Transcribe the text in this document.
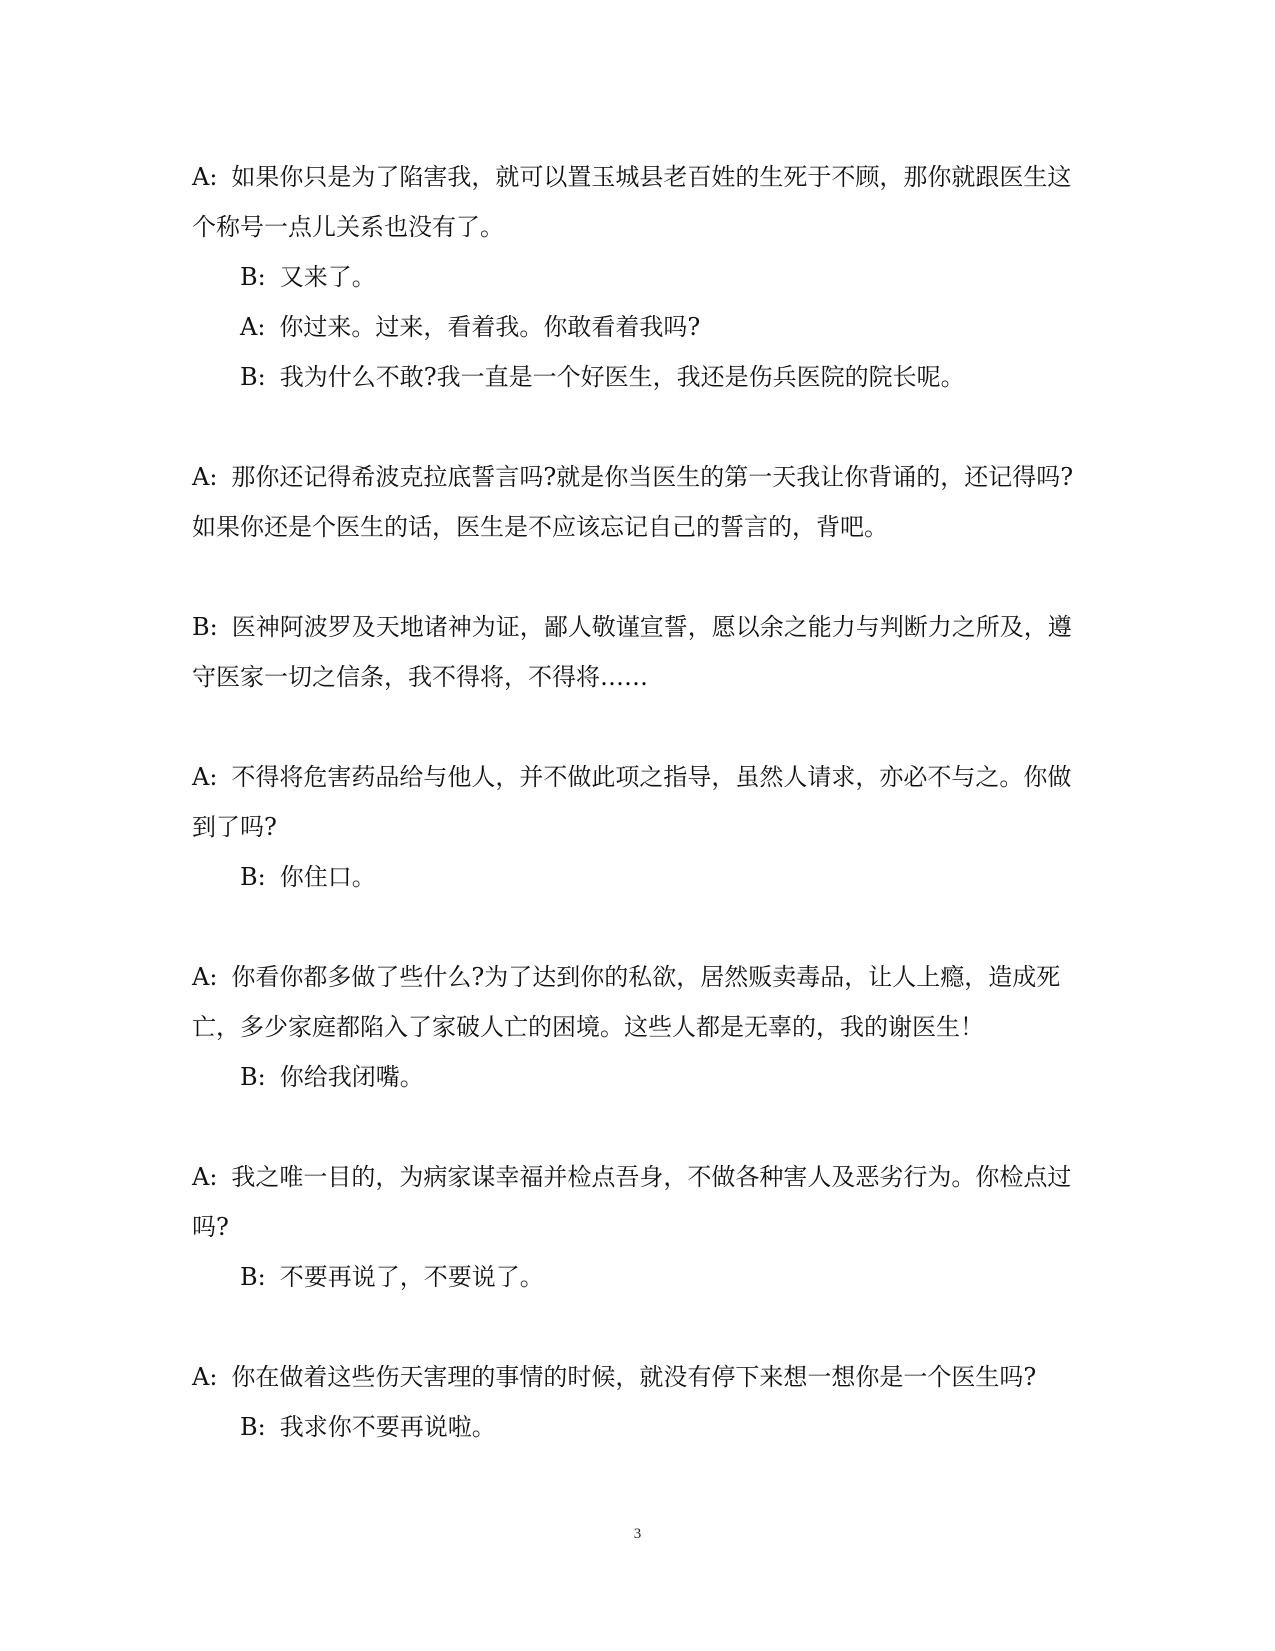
A: 如果你只是为了陷害我，就可以置玉城县老百姓的生死于不顾，那你就跟医生这个称号一点儿关系也没有了。

B: 又来了。

A: 你过来。过来，看着我。你敢看着我吗?

B: 我为什么不敢?我一直是一个好医生，我还是伤兵医院的院长呢。

A: 那你还记得希波克拉底誓言吗?就是你当医生的第一天我让你背诵的，还记得吗?如果你还是个医生的话，医生是不应该忘记自己的誓言的，背吧。

B: 医神阿波罗及天地诸神为证，鄙人敬谨宣誓，愿以余之能力与判断力之所及，遵守医家一切之信条，我不得将，不得将……

A: 不得将危害药品给与他人，并不做此项之指导，虽然人请求，亦必不与之。你做到了吗?

B: 你住口。

A: 你看你都多做了些什么?为了达到你的私欲，居然贩卖毒品，让人上瘾，造成死亡，多少家庭都陷入了家破人亡的困境。这些人都是无辜的，我的谢医生！

B: 你给我闭嘴。

A: 我之唯一目的，为病家谋幸福并检点吾身，不做各种害人及恶劣行为。你检点过吗?

B: 不要再说了，不要说了。

A: 你在做着这些伤天害理的事情的时候，就没有停下来想一想你是一个医生吗?

B: 我求你不要再说啦。

3
